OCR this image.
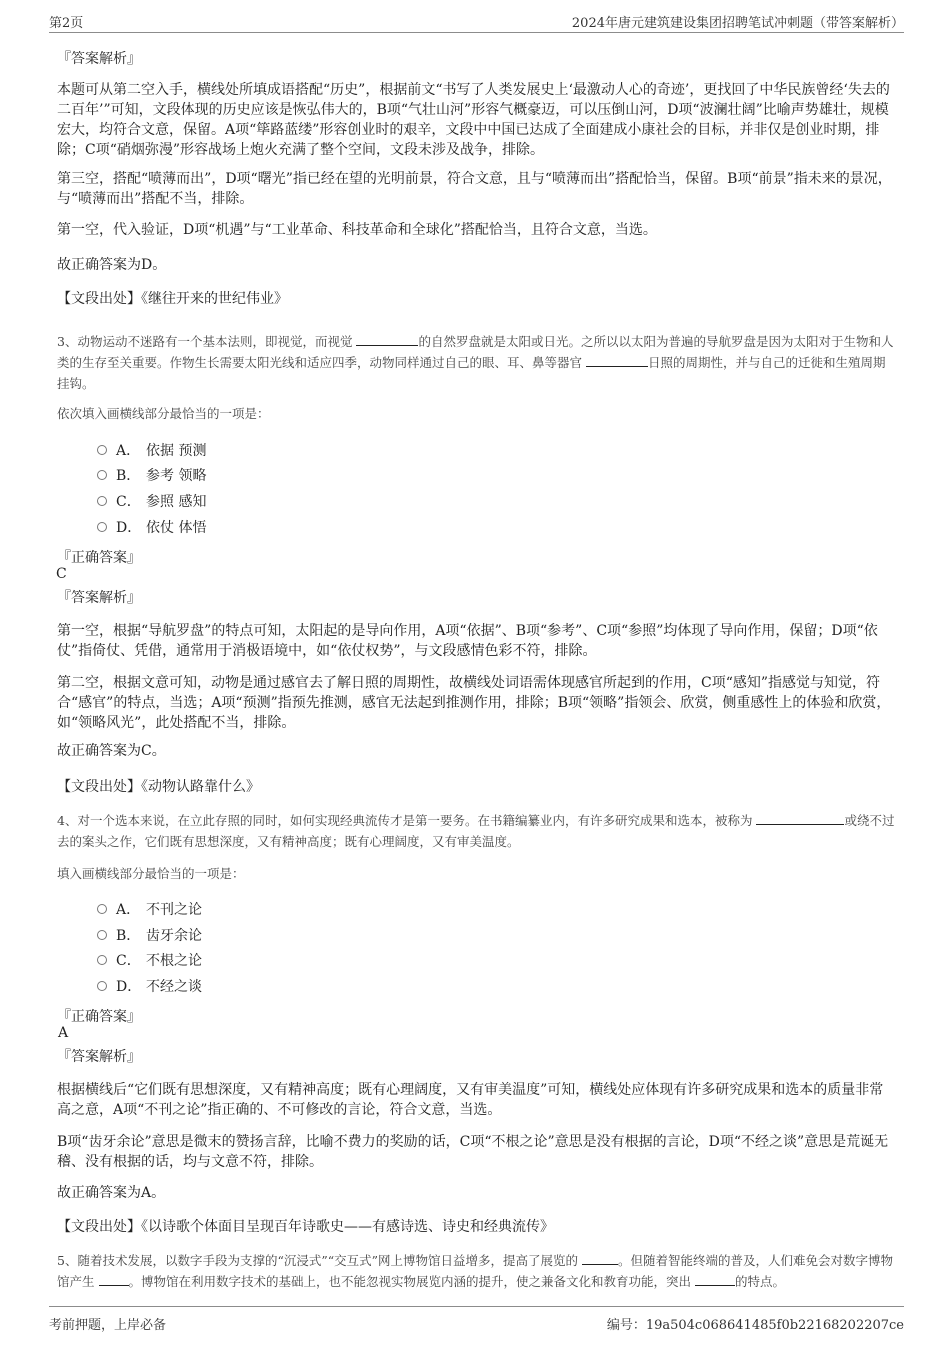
第2页	2024年唐元建筑建设集团招聘笔试冲刺题（带答案解析）
『答案解析』
本题可从第二空入手，横线处所填成语搭配“历史”，根据前文“书写了人类发展史上‘最激动人心的奇迹’，更找回了中华民族曾经‘失去的二百年’”可知，文段体现的历史应该是恢弘伟大的，B项“气壮山河”形容气概豪迈，可以压倒山河，D项“波澜壮阔”比喻声势雄壮，规模宏大，均符合文意，保留。A项“筚路蓝缕”形容创业时的艰辛，文段中中国已达成了全面建成小康社会的目标，并非仅是创业时期，排除；C项“硝烟弥漫”形容战场上炮火充满了整个空间，文段未涉及战争，排除。
第三空，搭配“喷薄而出”，D项“曙光”指已经在望的光明前景，符合文意，且与“喷薄而出”搭配恰当，保留。B项“前景”指未来的景况，与“喷薄而出”搭配不当，排除。
第一空，代入验证，D项“机遇”与“工业革命、科技革命和全球化”搭配恰当，且符合文意，当选。
故正确答案为D。
【文段出处】《继往开来的世纪伟业》
3、动物运动不迷路有一个基本法则，即视觉，而视觉	的自然罗盘就是太阳或日光。之所以以太阳为普遍的导航罗盘是因为太阳对于生物和人类的生存至关重要。作物生长需要太阳光线和适应四季，动物同样通过自己的眼、耳、鼻等器官	日照的周期性，并与自己的迁徙和生殖周期挂钩。
依次填入画横线部分最恰当的一项是：
A． 依据 预测
B． 参考 领略
C． 参照 感知
D． 依仗 体悟
『正确答案』
C
『答案解析』
第一空，根据“导航罗盘”的特点可知，太阳起的是导向作用，A项“依据”、B项“参考”、C项“参照”均体现了导向作用，保留；D项“依仗”指倚仗、凭借，通常用于消极语境中，如“依仗权势”，与文段感情色彩不符，排除。
第二空，根据文意可知，动物是通过感官去了解日照的周期性，故横线处词语需体现感官所起到的作用，C项“感知”指感觉与知觉，符合“感官”的特点，当选；A项“预测”指预先推测，感官无法起到推测作用，排除；B项“领略”指领会、欣赏，侧重感性上的体验和欣赏，如“领略风光”，此处搭配不当，排除。
故正确答案为C。
【文段出处】《动物认路靠什么》
4、对一个选本来说，在立此存照的同时，如何实现经典流传才是第一要务。在书籍编纂业内，有许多研究成果和选本，被称为	或绕不过去的案头之作，它们既有思想深度，又有精神高度；既有心理阔度，又有审美温度。
填入画横线部分最恰当的一项是：
A． 不刊之论
B． 齿牙余论
C． 不根之论
D． 不经之谈
『正确答案』
A
『答案解析』
根据横线后“它们既有思想深度，又有精神高度；既有心理阔度，又有审美温度”可知，横线处应体现有许多研究成果和选本的质量非常高之意，A项“不刊之论”指正确的、不可修改的言论，符合文意，当选。
B项“齿牙余论”意思是微末的赞扬言辞，比喻不费力的奖励的话，C项“不根之论”意思是没有根据的言论，D项“不经之谈”意思是荒诞无稽、没有根据的话，均与文意不符，排除。
故正确答案为A。
【文段出处】《以诗歌个体面目呈现百年诗歌史——有感诗选、诗史和经典流传》
5、随着技术发展，以数字手段为支撑的“沉浸式”“交互式”网上博物馆日益增多，提高了展览的	。但随着智能终端的普及，人们难免会对数字博物馆产生	。博物馆在利用数字技术的基础上，也不能忽视实物展览内涵的提升，使之兼备文化和教育功能，突出	的特点。
考前押题，上岸必备	编号：19a504c068641485f0b22168202207ce
